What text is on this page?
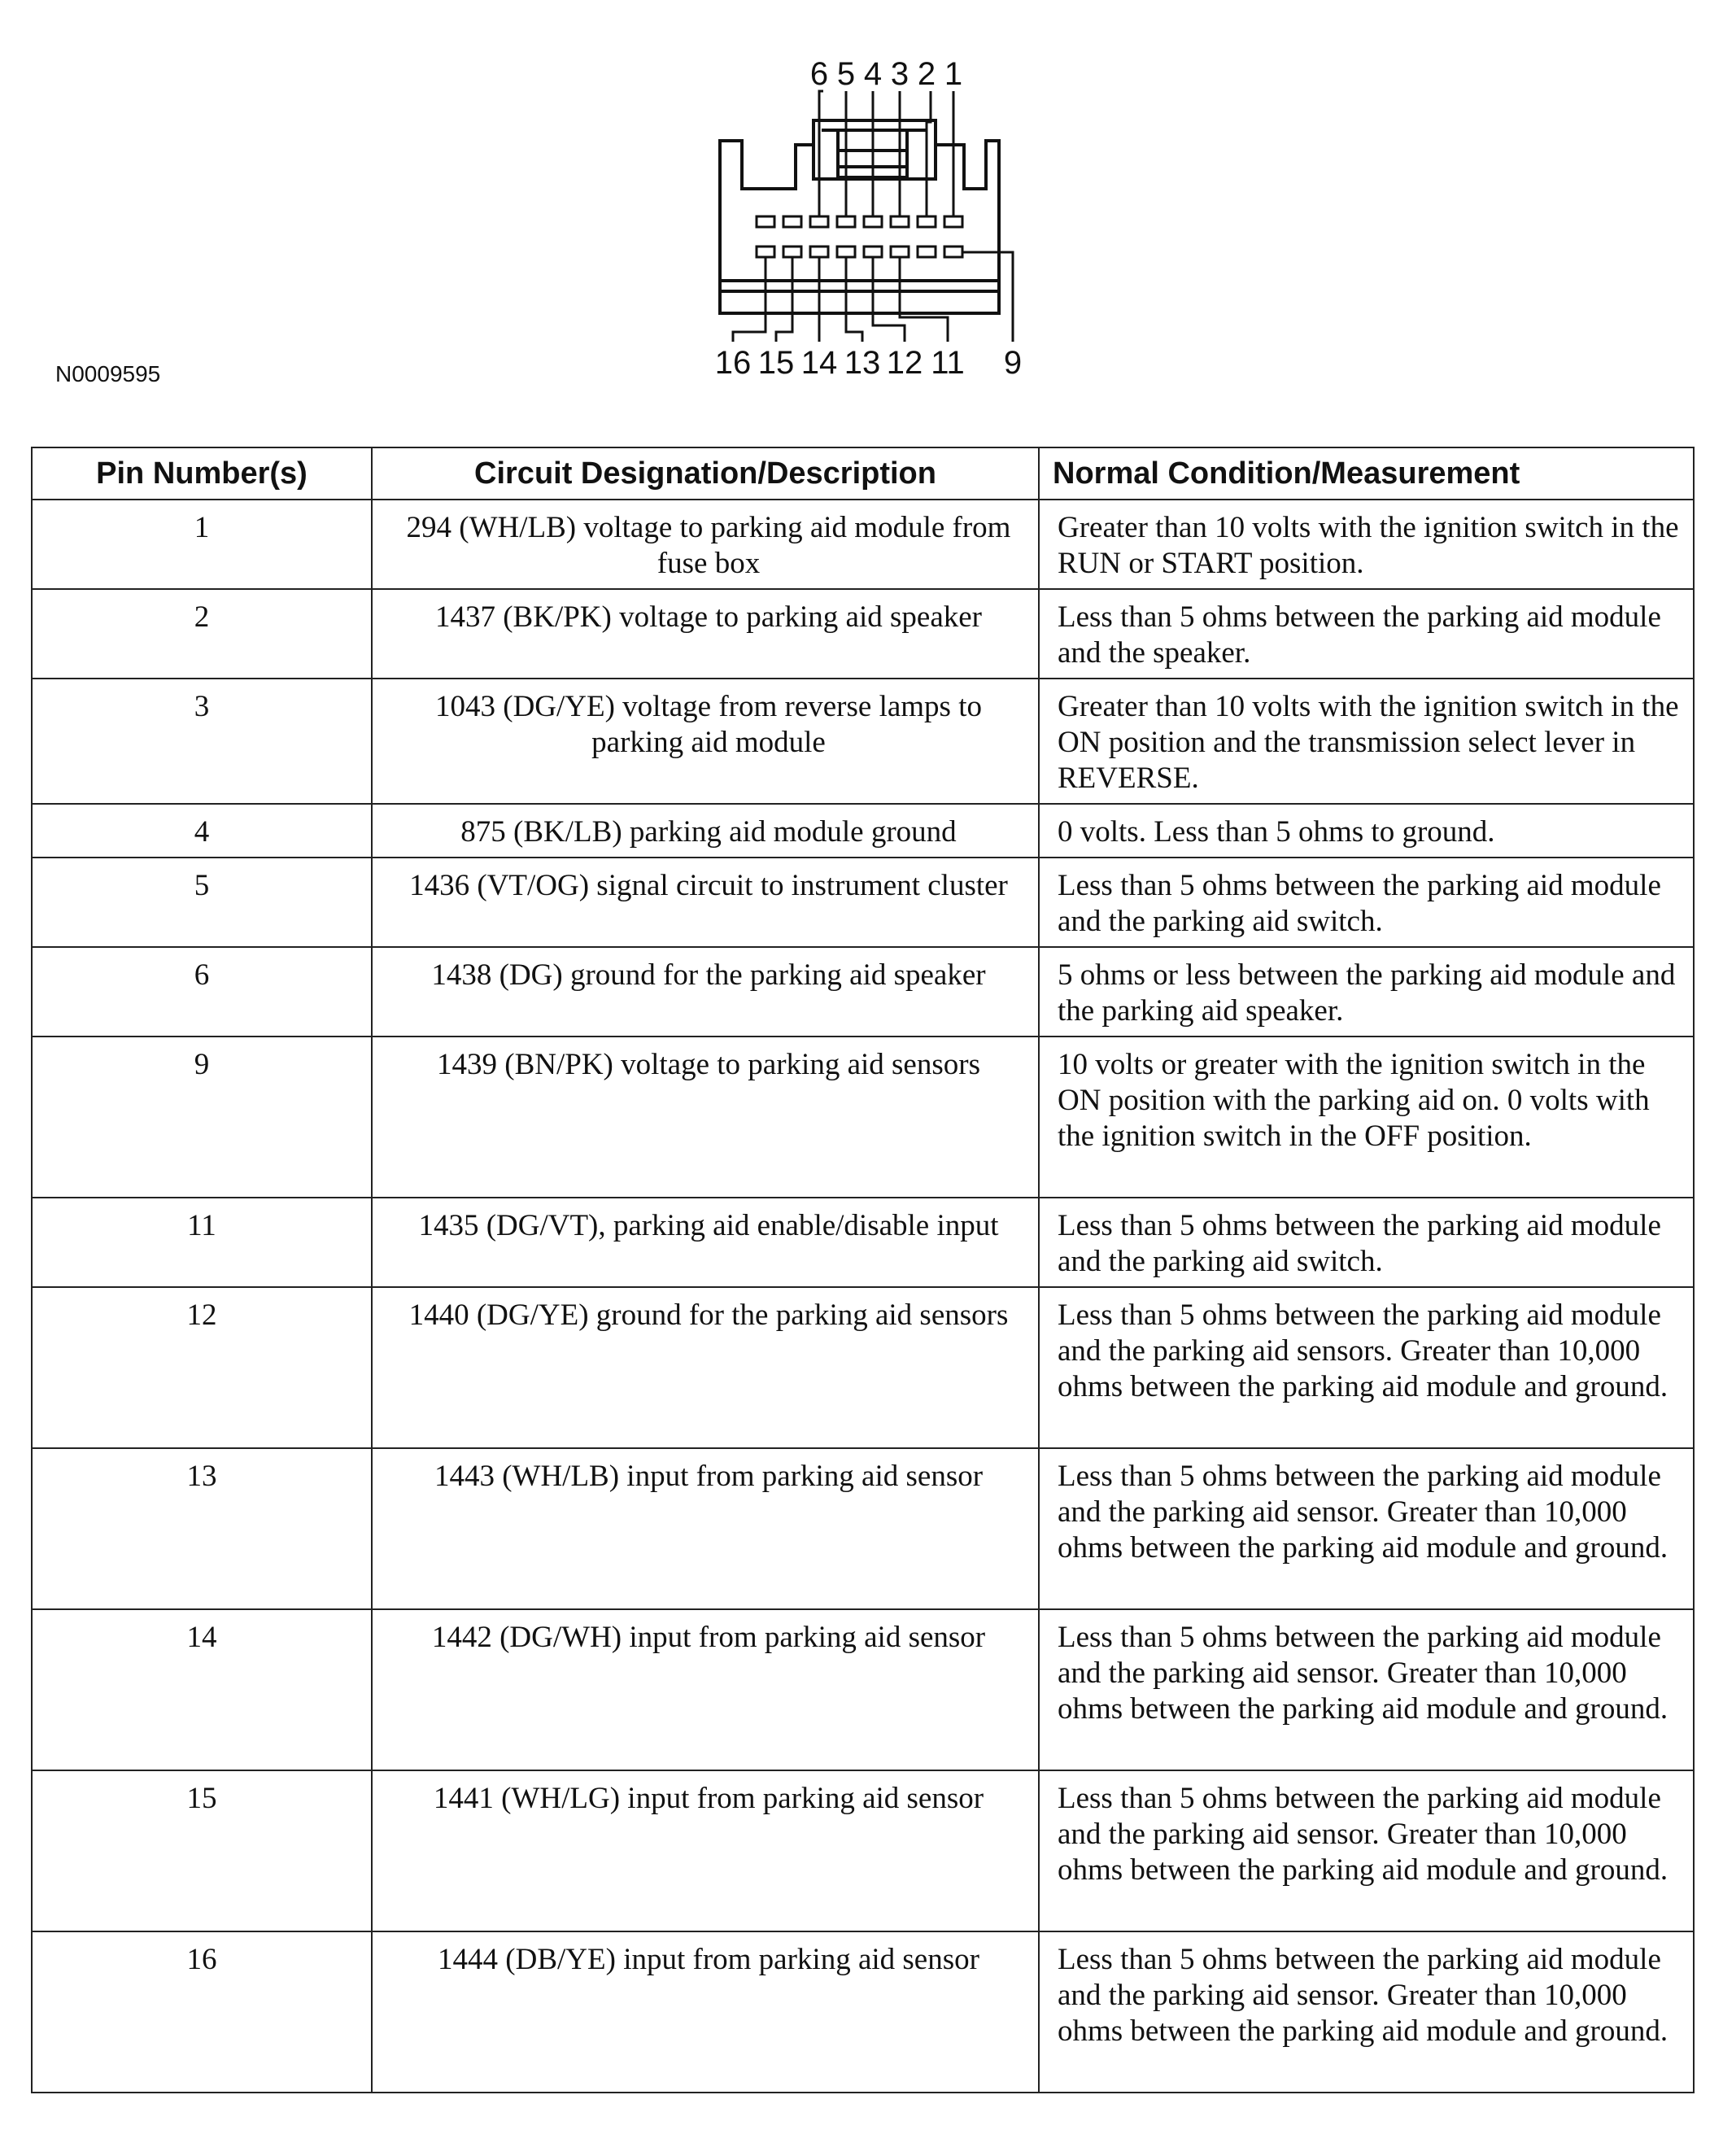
6 5 4 3 2 1
16 15 14 13 12 11 9
N0009595
Pin Number(s)	Circuit Designation/Description	Normal Condition/Measurement
1	294 (WH/LB) voltage to parking aid module from fuse box	Greater than 10 volts with the ignition switch in the RUN or START position.
2	1437 (BK/PK) voltage to parking aid speaker	Less than 5 ohms between the parking aid module and the speaker.
3	1043 (DG/YE) voltage from reverse lamps to parking aid module	Greater than 10 volts with the ignition switch in the ON position and the transmission select lever in REVERSE.
4	875 (BK/LB) parking aid module ground	0 volts. Less than 5 ohms to ground.
5	1436 (VT/OG) signal circuit to instrument cluster	Less than 5 ohms between the parking aid module and the parking aid switch.
6	1438 (DG) ground for the parking aid speaker	5 ohms or less between the parking aid module and the parking aid speaker.
9	1439 (BN/PK) voltage to parking aid sensors	10 volts or greater with the ignition switch in the ON position with the parking aid on. 0 volts with the ignition switch in the OFF position.
11	1435 (DG/VT), parking aid enable/disable input	Less than 5 ohms between the parking aid module and the parking aid switch.
12	1440 (DG/YE) ground for the parking aid sensors	Less than 5 ohms between the parking aid module and the parking aid sensors. Greater than 10,000 ohms between the parking aid module and ground.
13	1443 (WH/LB) input from parking aid sensor	Less than 5 ohms between the parking aid module and the parking aid sensor. Greater than 10,000 ohms between the parking aid module and ground.
14	1442 (DG/WH) input from parking aid sensor	Less than 5 ohms between the parking aid module and the parking aid sensor. Greater than 10,000 ohms between the parking aid module and ground.
15	1441 (WH/LG) input from parking aid sensor	Less than 5 ohms between the parking aid module and the parking aid sensor. Greater than 10,000 ohms between the parking aid module and ground.
16	1444 (DB/YE) input from parking aid sensor	Less than 5 ohms between the parking aid module and the parking aid sensor. Greater than 10,000 ohms between the parking aid module and ground.
